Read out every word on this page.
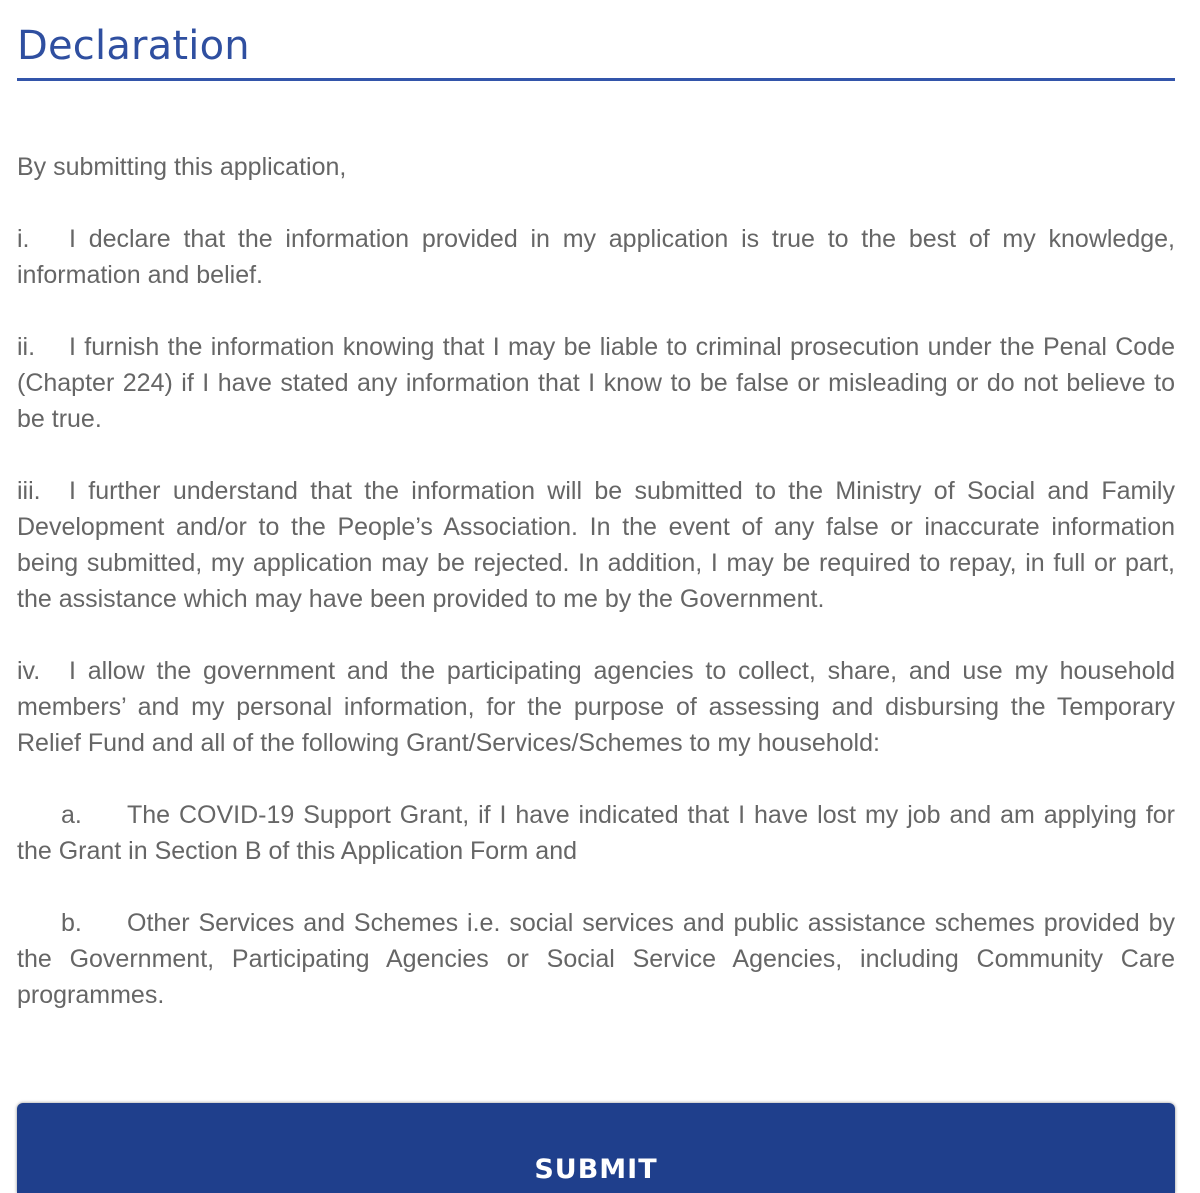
Declaration

By submitting this application,

i. I declare that the information provided in my application is true to the best of my knowledge, information and belief.

ii. I furnish the information knowing that I may be liable to criminal prosecution under the Penal Code (Chapter 224) if I have stated any information that I know to be false or misleading or do not believe to be true.

iii. I further understand that the information will be submitted to the Ministry of Social and Family Development and/or to the People’s Association. In the event of any false or inaccurate information being submitted, my application may be rejected. In addition, I may be required to repay, in full or part, the assistance which may have been provided to me by the Government.

iv. I allow the government and the participating agencies to collect, share, and use my household members’ and my personal information, for the purpose of assessing and disbursing the Temporary Relief Fund and all of the following Grant/Services/Schemes to my household:

a. The COVID-19 Support Grant, if I have indicated that I have lost my job and am applying for the Grant in Section B of this Application Form and

b. Other Services and Schemes i.e. social services and public assistance schemes provided by the Government, Participating Agencies or Social Service Agencies, including Community Care programmes.

SUBMIT
